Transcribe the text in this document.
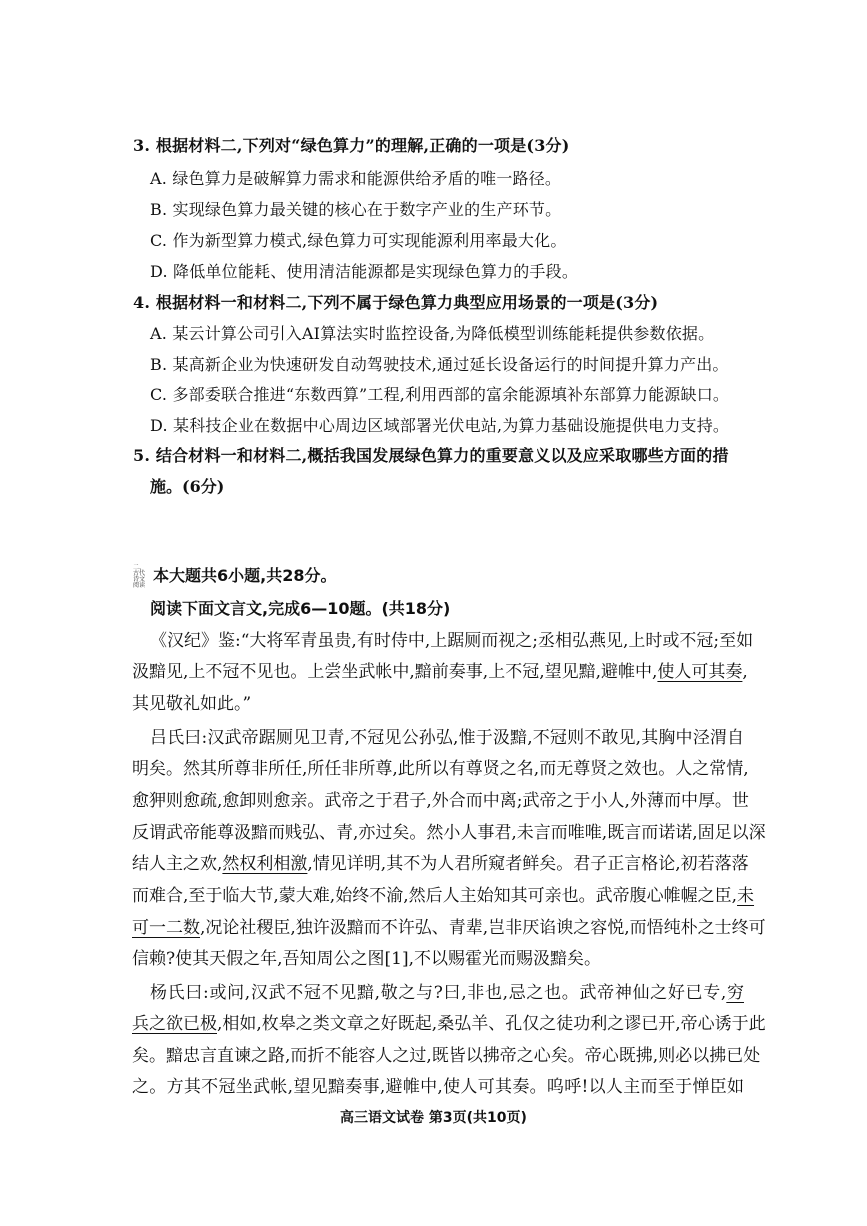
3. 根据材料二,下列对“绿色算力”的理解,正确的一项是(3分)
A. 绿色算力是破解算力需求和能源供给矛盾的唯一路径。
B. 实现绿色算力最关键的核心在于数字产业的生产环节。
C. 作为新型算力模式,绿色算力可实现能源利用率最大化。
D. 降低单位能耗、使用清洁能源都是实现绿色算力的手段。
4. 根据材料一和材料二,下列不属于绿色算力典型应用场景的一项是(3分)
A. 某云计算公司引入AI算法实时监控设备,为降低模型训练能耗提供参数依据。
B. 某高新企业为快速研发自动驾驶技术,通过延长设备运行的时间提升算力产出。
C. 多部委联合推进“东数西算”工程,利用西部的富余能源填补东部算力能源缺口。
D. 某科技企业在数据中心周边区域部署光伏电站,为算力基础设施提供电力支持。
5. 结合材料一和材料二,概括我国发展绿色算力的重要意义以及应采取哪些方面的措
施。(6分)
二、古代诗文阅读
本大题共6小题,共28分。
阅读下面文言文,完成6—10题。(共18分)
《汉纪》鉴:“大将军青虽贵,有时侍中,上踞厕而视之;丞相弘燕见,上时或不冠;至如
汲黯见,上不冠不见也。上尝坐武帐中,黯前奏事,上不冠,望见黯,避帷中,使人可其奏,
其见敬礼如此。”
吕氏曰:汉武帝踞厕见卫青,不冠见公孙弘,惟于汲黯,不冠则不敢见,其胸中泾渭自
明矣。然其所尊非所任,所任非所尊,此所以有尊贤之名,而无尊贤之效也。人之常情,
愈狎则愈疏,愈卸则愈亲。武帝之于君子,外合而中离;武帝之于小人,外薄而中厚。世
反谓武帝能尊汲黯而贱弘、青,亦过矣。然小人事君,未言而唯唯,既言而诺诺,固足以深
结人主之欢,然权利相激,情见详明,其不为人君所窥者鲜矣。君子正言格论,初若落落
而难合,至于临大节,蒙大难,始终不渝,然后人主始知其可亲也。武帝腹心帷幄之臣,未
可一二数,况论社稷臣,独许汲黯而不许弘、青辈,岂非厌谄谀之容悦,而悟纯朴之士终可
信赖?使其天假之年,吾知周公之图[1],不以赐霍光而赐汲黯矣。
杨氏曰:或问,汉武不冠不见黯,敬之与?曰,非也,忌之也。武帝神仙之好已专,穷
兵之欲已极,相如,枚皋之类文章之好既起,桑弘羊、孔仅之徒功利之谬已开,帝心诱于此
矣。黯忠言直谏之路,而折不能容人之过,既皆以拂帝之心矣。帝心既拂,则必以拂已处
之。方其不冠坐武帐,望见黯奏事,避帷中,使人可其奏。呜呼!以人主而至于惮臣如
高三语文试卷 第3页(共10页)
